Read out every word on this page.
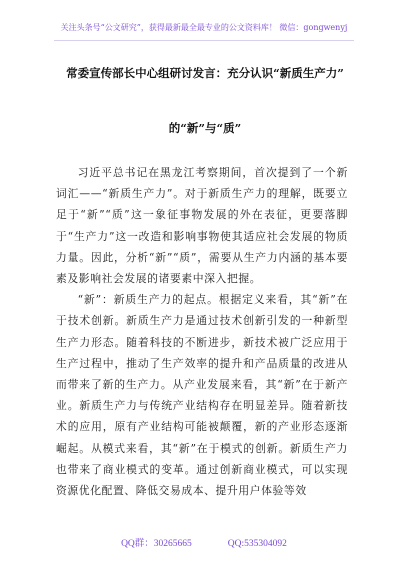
关注头条号“公文研究”，获得最新最全最专业的公文资料库！ 微信：gongwenyj
常委宣传部长中心组研讨发言：充分认识“新质生产力”
的“新”与“质”

习近平总书记在黑龙江考察期间，首次提到了一个新词汇——“新质生产力”。对于新质生产力的理解，既要立足于“新”“质”这一象征事物发展的外在表征，更要落脚于“生产力”这一改造和影响事物使其适应社会发展的物质力量。因此，分析“新”“质”，需要从生产力内涵的基本要素及影响社会发展的诸要素中深入把握。

“新”：新质生产力的起点。根据定义来看，其“新”在于技术创新。新质生产力是通过技术创新引发的一种新型生产力形态。随着科技的不断进步，新技术被广泛应用于生产过程中，推动了生产效率的提升和产品质量的改进从而带来了新的生产力。从产业发展来看，其“新”在于新产业。新质生产力与传统产业结构存在明显差异。随着新技术的应用，原有产业结构可能被颠覆，新的产业形态逐渐崛起。从模式来看，其“新”在于模式的创新。新质生产力也带来了商业模式的变革。通过创新商业模式，可以实现资源优化配置、降低交易成本、提升用户体验等效

QQ群：30265665	QQ:535304092
